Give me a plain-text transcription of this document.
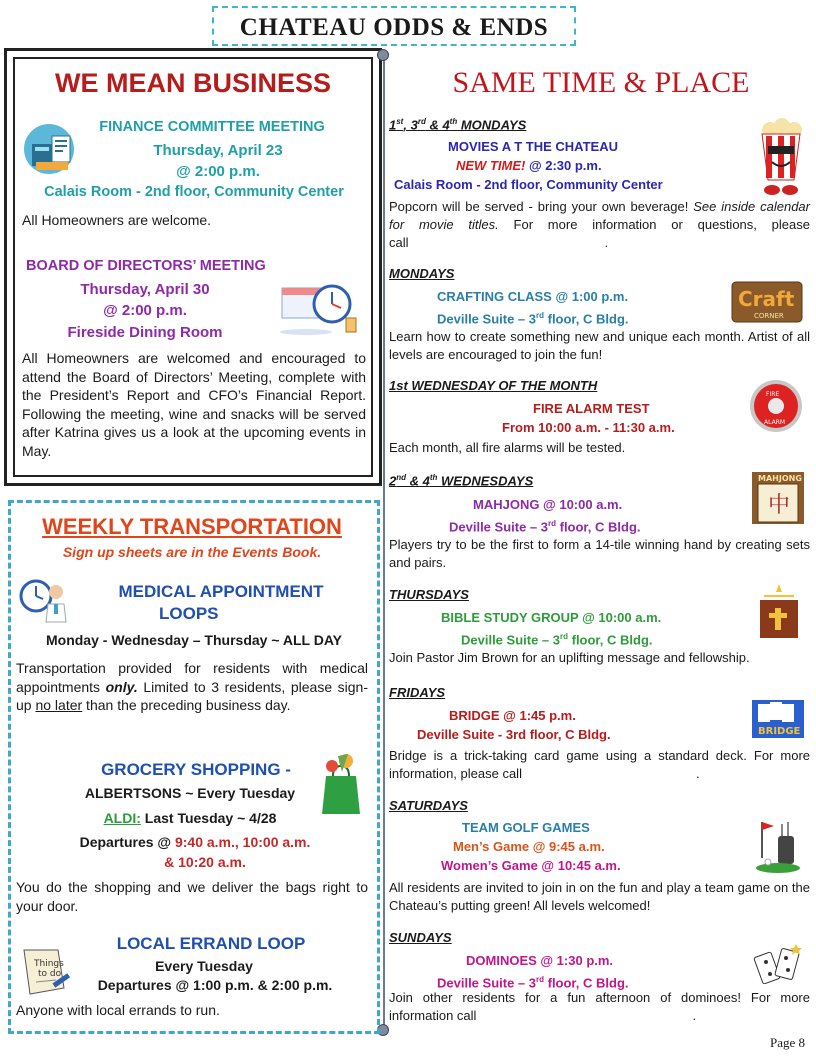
CHATEAU ODDS & ENDS
WE MEAN BUSINESS
FINANCE COMMITTEE MEETING
Thursday, April 23
@ 2:00 p.m.
Calais Room - 2nd floor, Community Center
All Homeowners are welcome.
BOARD OF DIRECTORS’ MEETING
Thursday, April 30
@ 2:00 p.m.
Fireside Dining Room
All Homeowners are welcomed and encouraged to attend the Board of Directors’ Meeting, complete with the President’s Report and CFO’s Financial Report. Following the meeting, wine and snacks will be served after Katrina gives us a look at the upcoming events in May.
WEEKLY TRANSPORTATION
Sign up sheets are in the Events Book.
MEDICAL APPOINTMENT
LOOPS
Monday - Wednesday – Thursday ~ ALL DAY
Transportation provided for residents with medical appointments only. Limited to 3 residents, please sign-up no later than the preceding business day.
GROCERY SHOPPING -
ALBERTSONS ~ Every Tuesday
ALDI: Last Tuesday ~ 4/28
Departures @ 9:40 a.m., 10:00 a.m.
& 10:20 a.m.
You do the shopping and we deliver the bags right to your door.
Things
to do
LOCAL ERRAND LOOP
Every Tuesday
Departures @ 1:00 p.m. & 2:00 p.m.
Anyone with local errands to run.
SAME TIME & PLACE
1st, 3rd & 4th MONDAYS
MOVIES A T THE CHATEAU
NEW TIME! @ 2:30 p.m.
Calais Room - 2nd floor, Community Center
Popcorn will be served - bring your own beverage! See inside calendar for movie titles. For more information or questions, please call	.
MONDAYS
CRAFTING CLASS @ 1:00 p.m.
Deville Suite – 3rd floor, C Bldg.
Craft
CORNER
Learn how to create something new and unique each month. Artist of all levels are encouraged to join the fun!
1st WEDNESDAY OF THE MONTH
FIRE ALARM TEST
From 10:00 a.m. - 11:30 a.m.
FIRE
ALARM
Each month, all fire alarms will be tested.
2nd & 4th WEDNESDAYS
MAHJONG @ 10:00 a.m.
Deville Suite – 3rd floor, C Bldg.
MAHJONG
中
Players try to be the first to form a 14-tile winning hand by creating sets and pairs.
THURSDAYS
BIBLE STUDY GROUP @ 10:00 a.m.
Deville Suite – 3rd floor, C Bldg.
Join Pastor Jim Brown for an uplifting message and fellowship.
FRIDAYS
BRIDGE @ 1:45 p.m.
Deville Suite - 3rd floor, C Bldg.	BRIDGE
Bridge is a trick-taking card game using a standard deck. For more information, please call	.
SATURDAYS
TEAM GOLF GAMES
Men’s Game @ 9:45 a.m.
Women’s Game @ 10:45 a.m.
All residents are invited to join in on the fun and play a team game on the Chateau’s putting green! All levels welcomed!
SUNDAYS
DOMINOES @ 1:30 p.m.
Deville Suite – 3rd floor, C Bldg.
Join other residents for a fun afternoon of dominoes! For more information call	.
Page 8
